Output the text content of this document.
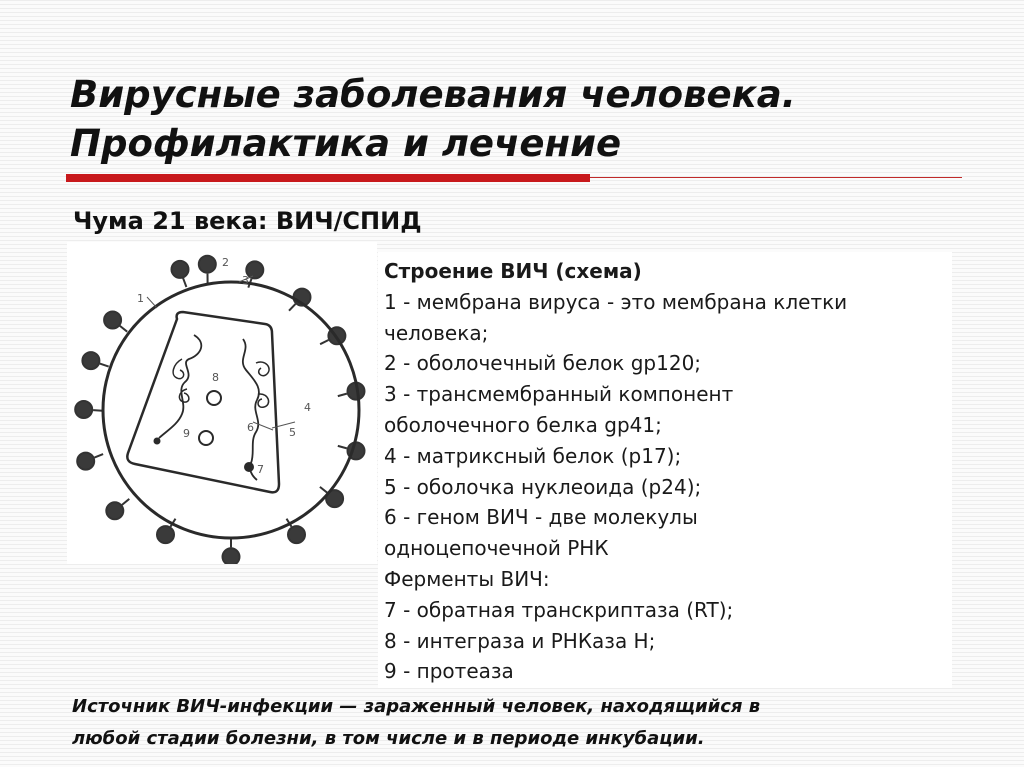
Вирусные заболевания человека.
Профилактика и лечение
Чума 21 века: ВИЧ/СПИД
1
2
3
4
5
6
7
8
9

Строение ВИЧ (схема)

1 - мембрана вируса - это мембрана клетки

человека;

2 - оболочечный белок gp120;

3 - трансмембранный компонент

оболочечного белка gp41;

4 - матриксный белок (р17);

5 - оболочка нуклеоида (р24);

6 - геном ВИЧ - две молекулы

одноцепочечной РНК

Ферменты ВИЧ:

7 - обратная транскриптаза (RT);

8 - интеграза и РНКаза Н;

9 - протеаза

Источник ВИЧ-инфекции — зараженный человек, находящийся в
любой стадии болезни, в том числе и в периоде инкубации.
